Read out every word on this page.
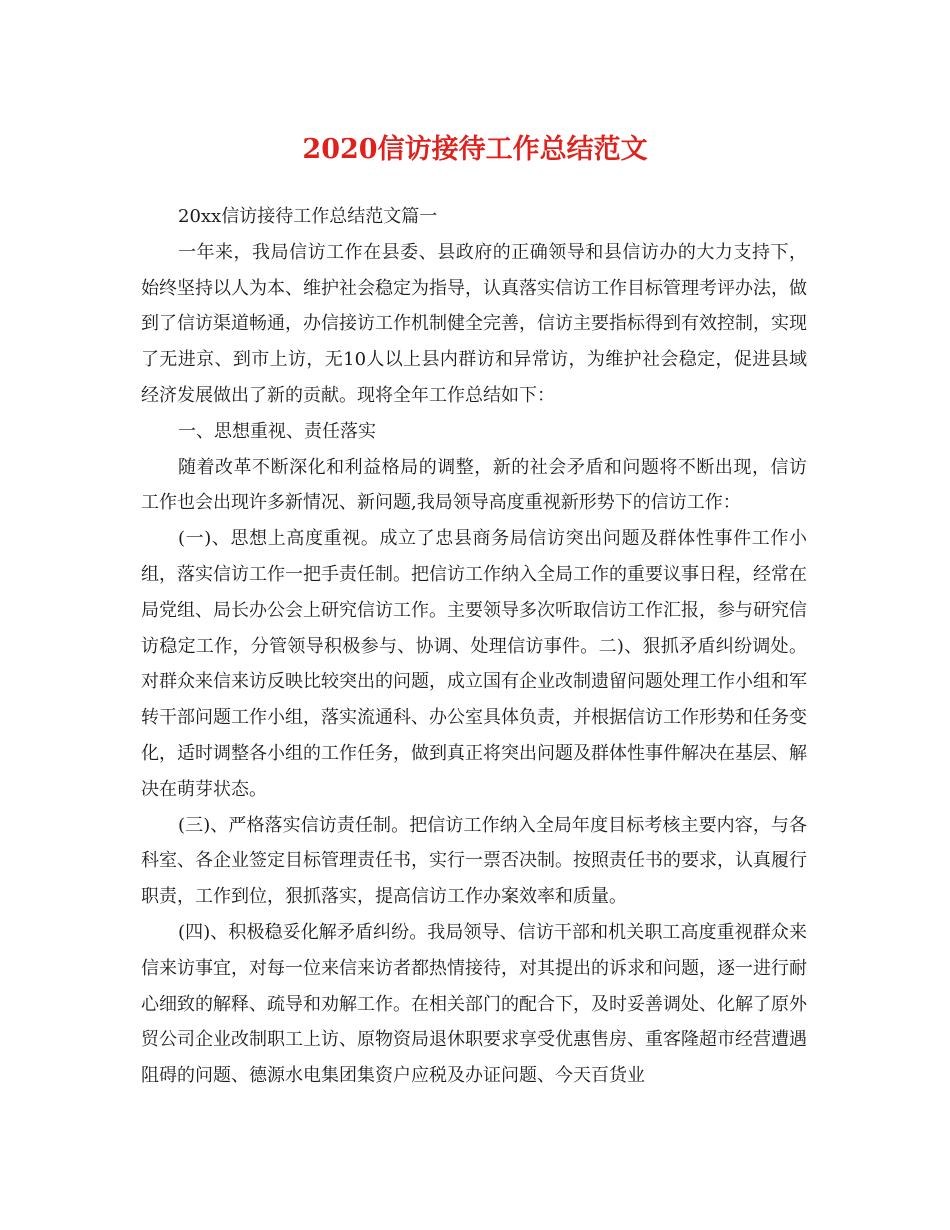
2020信访接待工作总结范文

20xx信访接待工作总结范文篇一

一年来，我局信访工作在县委、县政府的正确领导和县信访办的大力支持下，始终坚持以人为本、维护社会稳定为指导，认真落实信访工作目标管理考评办法，做到了信访渠道畅通，办信接访工作机制健全完善，信访主要指标得到有效控制，实现了无进京、到市上访，无10人以上县内群访和异常访，为维护社会稳定，促进县域经济发展做出了新的贡献。现将全年工作总结如下：

一、思想重视、责任落实

随着改革不断深化和利益格局的调整，新的社会矛盾和问题将不断出现，信访工作也会出现许多新情况、新问题,我局领导高度重视新形势下的信访工作：

(一)、思想上高度重视。成立了忠县商务局信访突出问题及群体性事件工作小组，落实信访工作一把手责任制。把信访工作纳入全局工作的重要议事日程，经常在局党组、局长办公会上研究信访工作。主要领导多次听取信访工作汇报，参与研究信访稳定工作，分管领导积极参与、协调、处理信访事件。二)、狠抓矛盾纠纷调处。对群众来信来访反映比较突出的问题，成立国有企业改制遗留问题处理工作小组和军转干部问题工作小组，落实流通科、办公室具体负责，并根据信访工作形势和任务变化，适时调整各小组的工作任务，做到真正将突出问题及群体性事件解决在基层、解决在萌芽状态。

(三)、严格落实信访责任制。把信访工作纳入全局年度目标考核主要内容，与各科室、各企业签定目标管理责任书，实行一票否决制。按照责任书的要求，认真履行职责，工作到位，狠抓落实，提高信访工作办案效率和质量。

(四)、积极稳妥化解矛盾纠纷。我局领导、信访干部和机关职工高度重视群众来信来访事宜，对每一位来信来访者都热情接待，对其提出的诉求和问题，逐一进行耐心细致的解释、疏导和劝解工作。在相关部门的配合下，及时妥善调处、化解了原外贸公司企业改制职工上访、原物资局退休职要求享受优惠售房、重客隆超市经营遭遇阻碍的问题、德源水电集团集资户应税及办证问题、今天百货业
